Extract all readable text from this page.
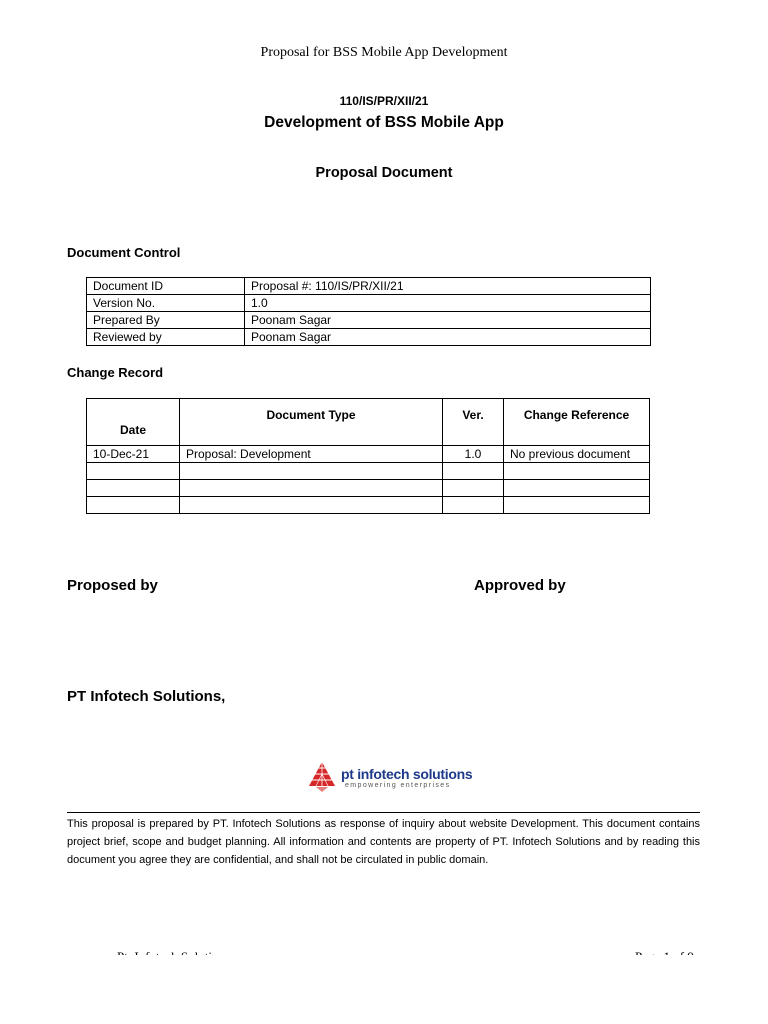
Proposal for BSS Mobile App Development
110/IS/PR/XII/21
Development of BSS Mobile App
Proposal Document
Document Control
Document ID	Proposal #: 110/IS/PR/XII/21
Version No.	1.0
Prepared By	Poonam Sagar
Reviewed by	Poonam Sagar
Change Record
Date	Document Type	Ver.	Change Reference
10-Dec-21	Proposal: Development	1.0	No previous document

Proposed by	Approved by
PT Infotech Solutions,
pt infotech solutions
empowering enterprises
This proposal is prepared by PT. Infotech Solutions as response of inquiry about website Development. This document contains project brief, scope and budget planning. All information and contents are property of PT. Infotech Solutions and by reading this document you agree they are confidential, and shall not be circulated in public domain.
